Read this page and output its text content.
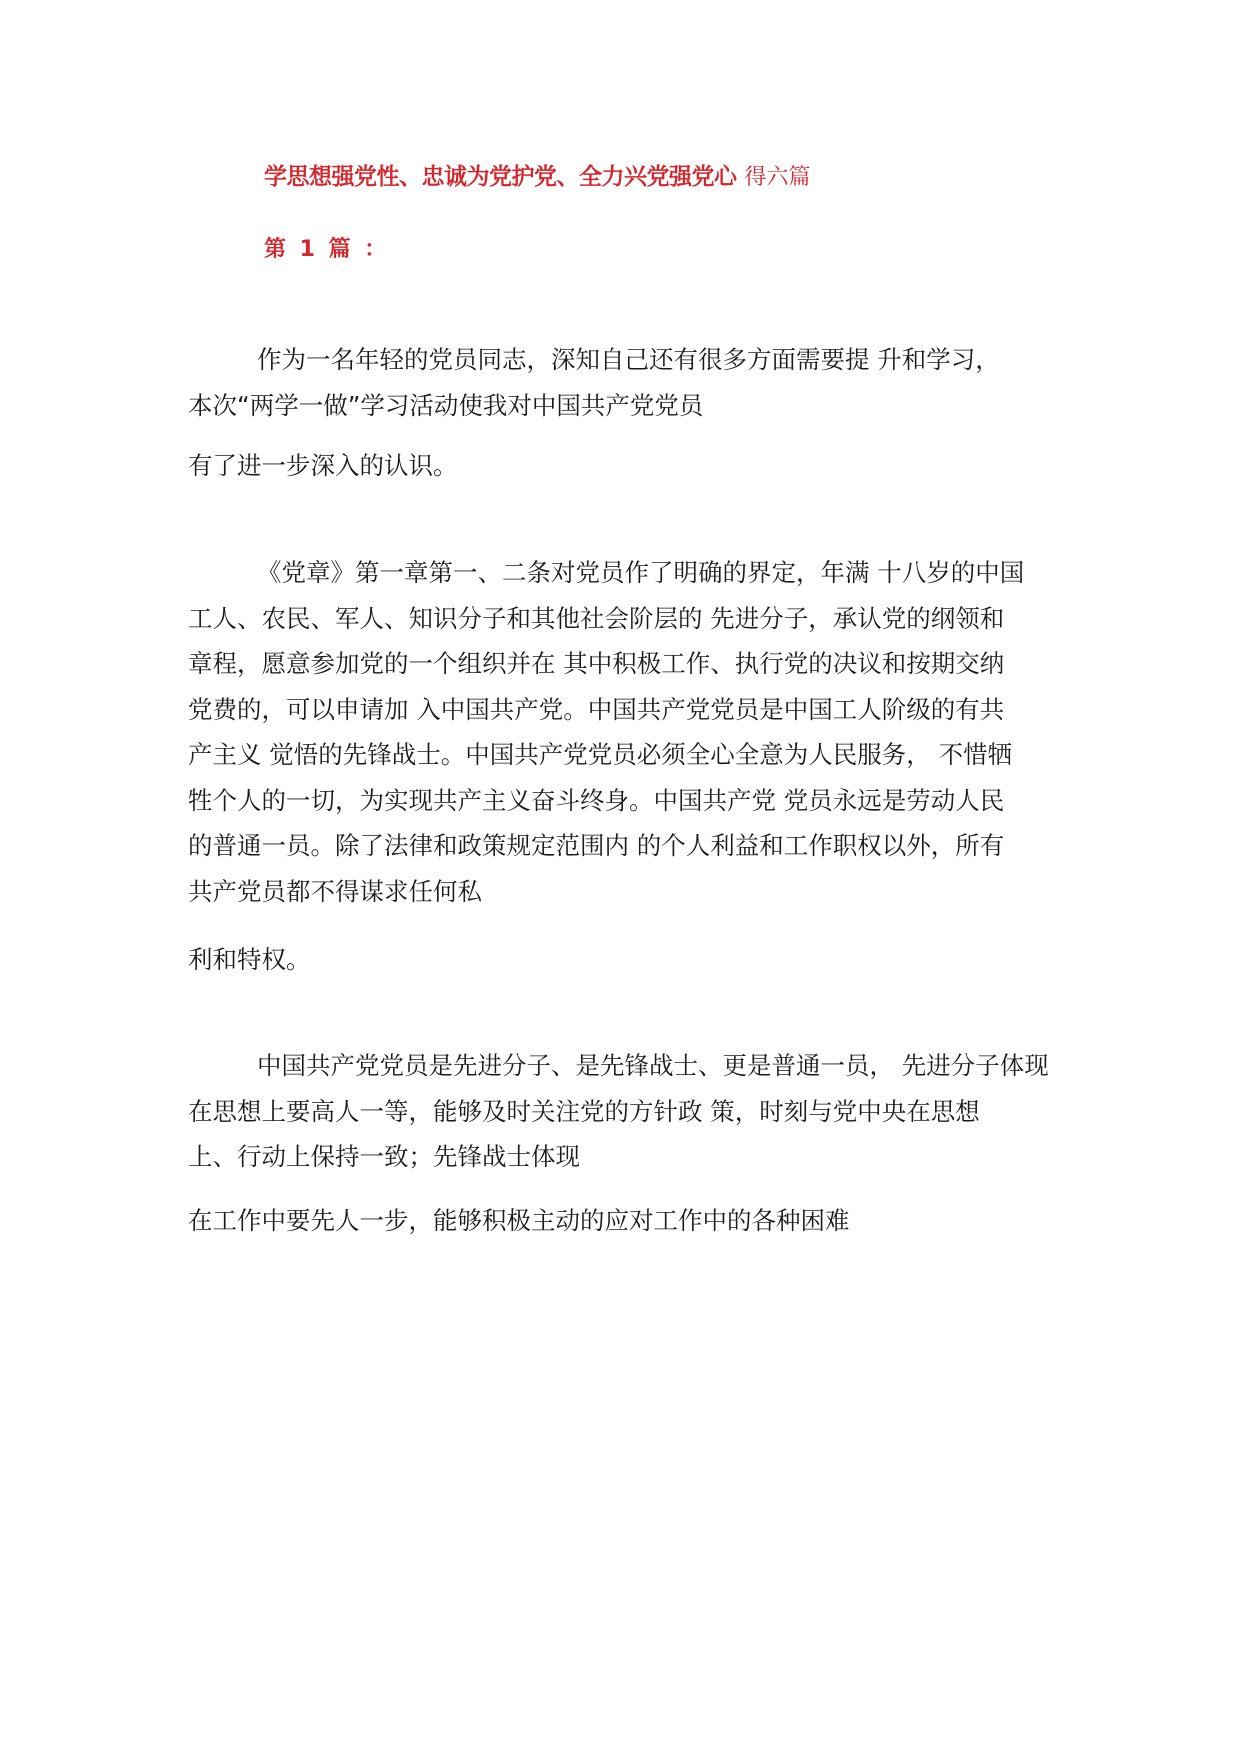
学思想强党性、忠诚为党护党、全力兴党强党心 得六篇
第 1 篇 ：
作为一名年轻的党员同志，深知自己还有很多方面需要提 升和学习，
本次“两学一做”学习活动使我对中国共产党党员
有了进一步深入的认识。
《党章》第一章第一、二条对党员作了明确的界定，年满 十八岁的中国
工人、农民、军人、知识分子和其他社会阶层的 先进分子，承认党的纲领和
章程，愿意参加党的一个组织并在 其中积极工作、执行党的决议和按期交纳
党费的，可以申请加 入中国共产党。中国共产党党员是中国工人阶级的有共
产主义 觉悟的先锋战士。中国共产党党员必须全心全意为人民服务， 不惜牺
牲个人的一切，为实现共产主义奋斗终身。中国共产党 党员永远是劳动人民
的普通一员。除了法律和政策规定范围内 的个人利益和工作职权以外，所有
共产党员都不得谋求任何私
利和特权。
中国共产党党员是先进分子、是先锋战士、更是普通一员， 先进分子体现
在思想上要高人一等，能够及时关注党的方针政 策，时刻与党中央在思想
上、行动上保持一致；先锋战士体现
在工作中要先人一步，能够积极主动的应对工作中的各种困难
